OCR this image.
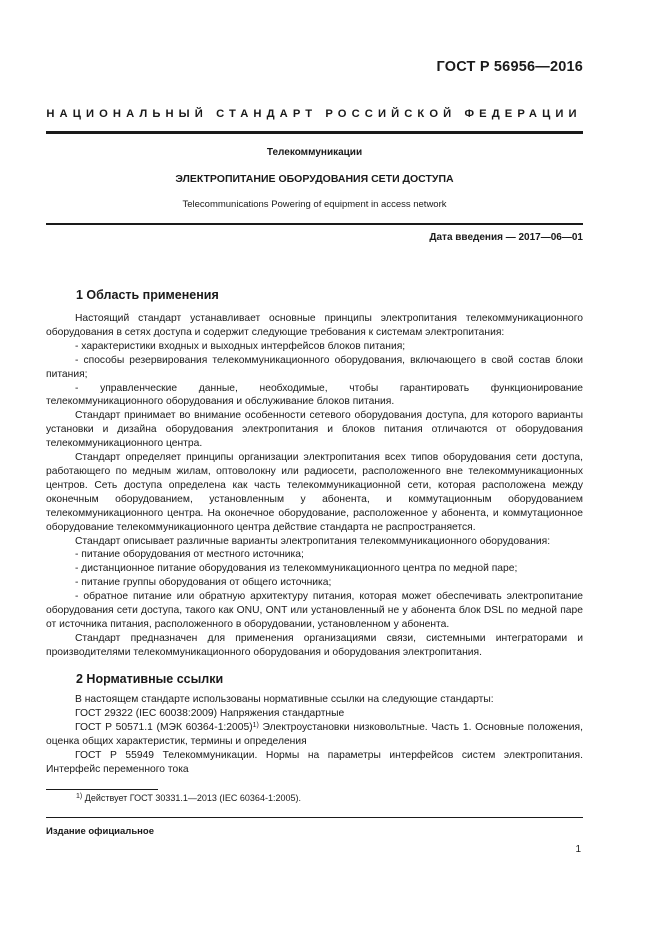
ГОСТ Р 56956—2016
НАЦИОНАЛЬНЫЙ СТАНДАРТ РОССИЙСКОЙ ФЕДЕРАЦИИ
Телекоммуникации
ЭЛЕКТРОПИТАНИЕ ОБОРУДОВАНИЯ СЕТИ ДОСТУПА
Telecommunications Powering of equipment in access network
Дата введения — 2017—06—01
1 Область применения

Настоящий стандарт устанавливает основные принципы электропитания телекоммуникационного оборудования в сетях доступа и содержит следующие требования к системам электропитания:

- характеристики входных и выходных интерфейсов блоков питания;

- способы резервирования телекоммуникационного оборудования, включающего в свой состав блоки питания;

- управленческие данные, необходимые, чтобы гарантировать функционирование телекоммуникационного оборудования и обслуживание блоков питания.

Стандарт принимает во внимание особенности сетевого оборудования доступа, для которого варианты установки и дизайна оборудования электропитания и блоков питания отличаются от оборудования телекоммуникационного центра.

Стандарт определяет принципы организации электропитания всех типов оборудования сети доступа, работающего по медным жилам, оптоволокну или радиосети, расположенного вне телекоммуникационных центров. Сеть доступа определена как часть телекоммуникационной сети, которая расположена между оконечным оборудованием, установленным у абонента, и коммутационным оборудованием телекоммуникационного центра. На оконечное оборудование, расположенное у абонента, и коммутационное оборудование телекоммуникационного центра действие стандарта не распространяется.

Стандарт описывает различные варианты электропитания телекоммуникационного оборудования:

- питание оборудования от местного источника;

- дистанционное питание оборудования из телекоммуникационного центра по медной паре;

- питание группы оборудования от общего источника;

- обратное питание или обратную архитектуру питания, которая может обеспечивать электропитание оборудования сети доступа, такого как ONU, ONT или установленный не у абонента блок DSL по медной паре от источника питания, расположенного в оборудовании, установленном у абонента.

Стандарт предназначен для применения организациями связи, системными интеграторами и производителями телекоммуникационного оборудования и оборудования электропитания.

2 Нормативные ссылки

В настоящем стандарте использованы нормативные ссылки на следующие стандарты:

ГОСТ 29322 (IEC 60038:2009) Напряжения стандартные

ГОСТ Р 50571.1 (МЭК 60364-1:2005)$^{1)}$ Электроустановки низковольтные. Часть 1. Основные положения, оценка общих характеристик, термины и определения

ГОСТ Р 55949 Телекоммуникации. Нормы на параметры интерфейсов систем электропитания. Интерфейс переменного тока

$^{1)}$ Действует ГОСТ 30331.1—2013 (IEC 60364-1:2005).
Издание официальное
1
